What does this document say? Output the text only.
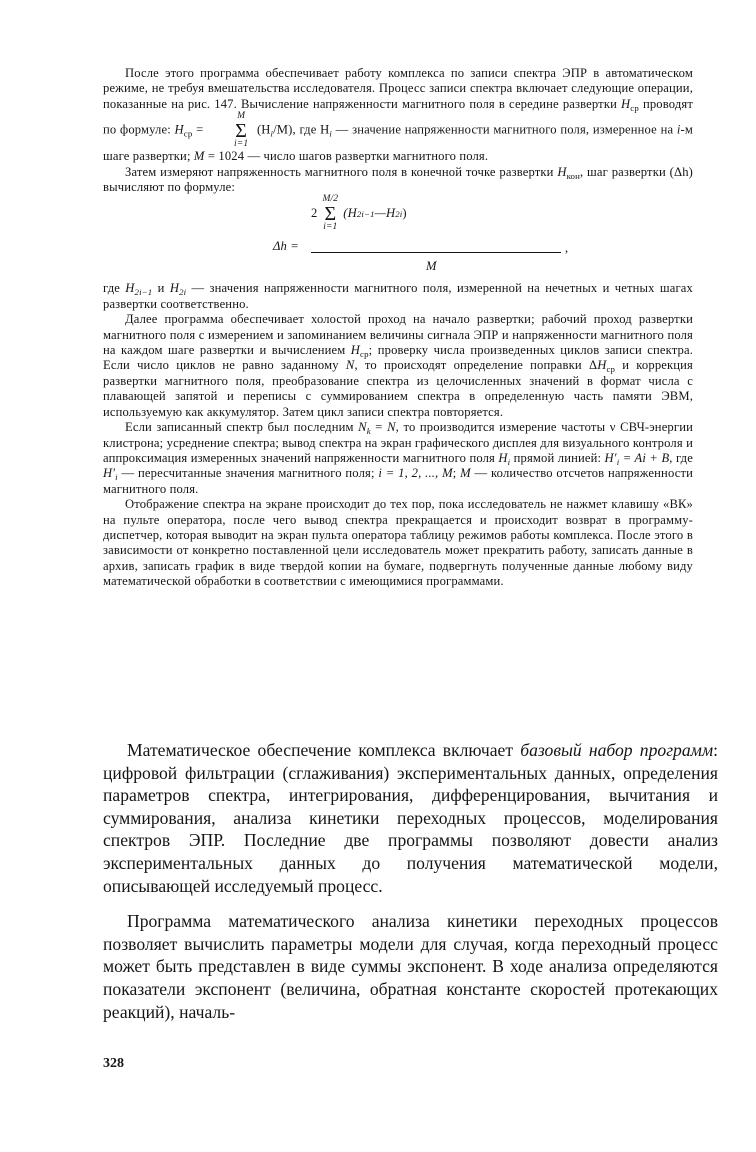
После этого программа обеспечивает работу комплекса по записи спектра ЭПР в автоматическом режиме, не требуя вмешательства исследователя. Процесс записи спектра включает следующие операции, показанные на рис. 147. Вычисление напряженности магнитного поля в середине развертки $H_{ср}$ проводят по формуле: $H_{ср}$ =
M
Σ
i=1
$(H_i/M)$, где $H_i$ — значение напряженности магнитного поля, измеренное на i-м шаге развертки; M = 1024 — число шагов развертки магнитного поля.

Затем измеряют напряженность магнитного поля в конечной точке развертки $H_{кон}$, шаг развертки (Δh) вычисляют по формуле:

Δh =
2
M/2
Σ
i=1
(H 2i−1 —H 2i )
M
,

где $H_{2i-1}$ и $H_{2i}$ — значения напряженности магнитного поля, измеренной на нечетных и четных шагах развертки соответственно.

Далее программа обеспечивает холостой проход на начало развертки; рабочий проход развертки магнитного поля с измерением и запоминанием величины сигнала ЭПР и напряженности магнитного поля на каждом шаге развертки и вычислением $H_{ср}$; проверку числа произведенных циклов записи спектра. Если число циклов не равно заданному N, то происходят определение поправки $\Delta H_{ср}$ и коррекция развертки магнитного поля, преобразование спектра из целочисленных значений в формат числа с плавающей запятой и переписы с суммированием спектра в определенную часть памяти ЭВМ, используемую как аккумулятор. Затем цикл записи спектра повторяется.

Если записанный спектр был последним $N_k = N$, то производится измерение частоты ν СВЧ-энергии клистрона; усреднение спектра; вывод спектра на экран графического дисплея для визуального контроля и аппроксимация измеренных значений напряженности магнитного поля $H_i$ прямой линией: $H'_i = Ai + B$, где $H'_i$ — пересчитанные значения магнитного поля; i = 1, 2, ..., M; M — количество отсчетов напряженности магнитного поля.

Отображение спектра на экране происходит до тех пор, пока исследователь не нажмет клавишу «ВК» на пульте оператора, после чего вывод спектра прекращается и происходит возврат в программу-диспетчер, которая выводит на экран пульта оператора таблицу режимов работы комплекса. После этого в зависимости от конкретно поставленной цели исследователь может прекратить работу, записать данные в архив, записать график в виде твердой копии на бумаге, подвергнуть полученные данные любому виду математической обработки в соответствии с имеющимися программами.

Математическое обеспечение комплекса включает базовый набор программ: цифровой фильтрации (сглаживания) экспериментальных данных, определения параметров спектра, интегрирования, дифференцирования, вычитания и суммирования, анализа кинетики переходных процессов, моделирования спектров ЭПР. Последние две программы позволяют довести анализ экспериментальных данных до получения математической модели, описывающей исследуемый процесс.

Программа математического анализа кинетики переходных процессов позволяет вычислить параметры модели для случая, когда переходный процесс может быть представлен в виде суммы экспонент. В ходе анализа определяются показатели экспонент (величина, обратная константе скоростей протекающих реакций), началь-

328
